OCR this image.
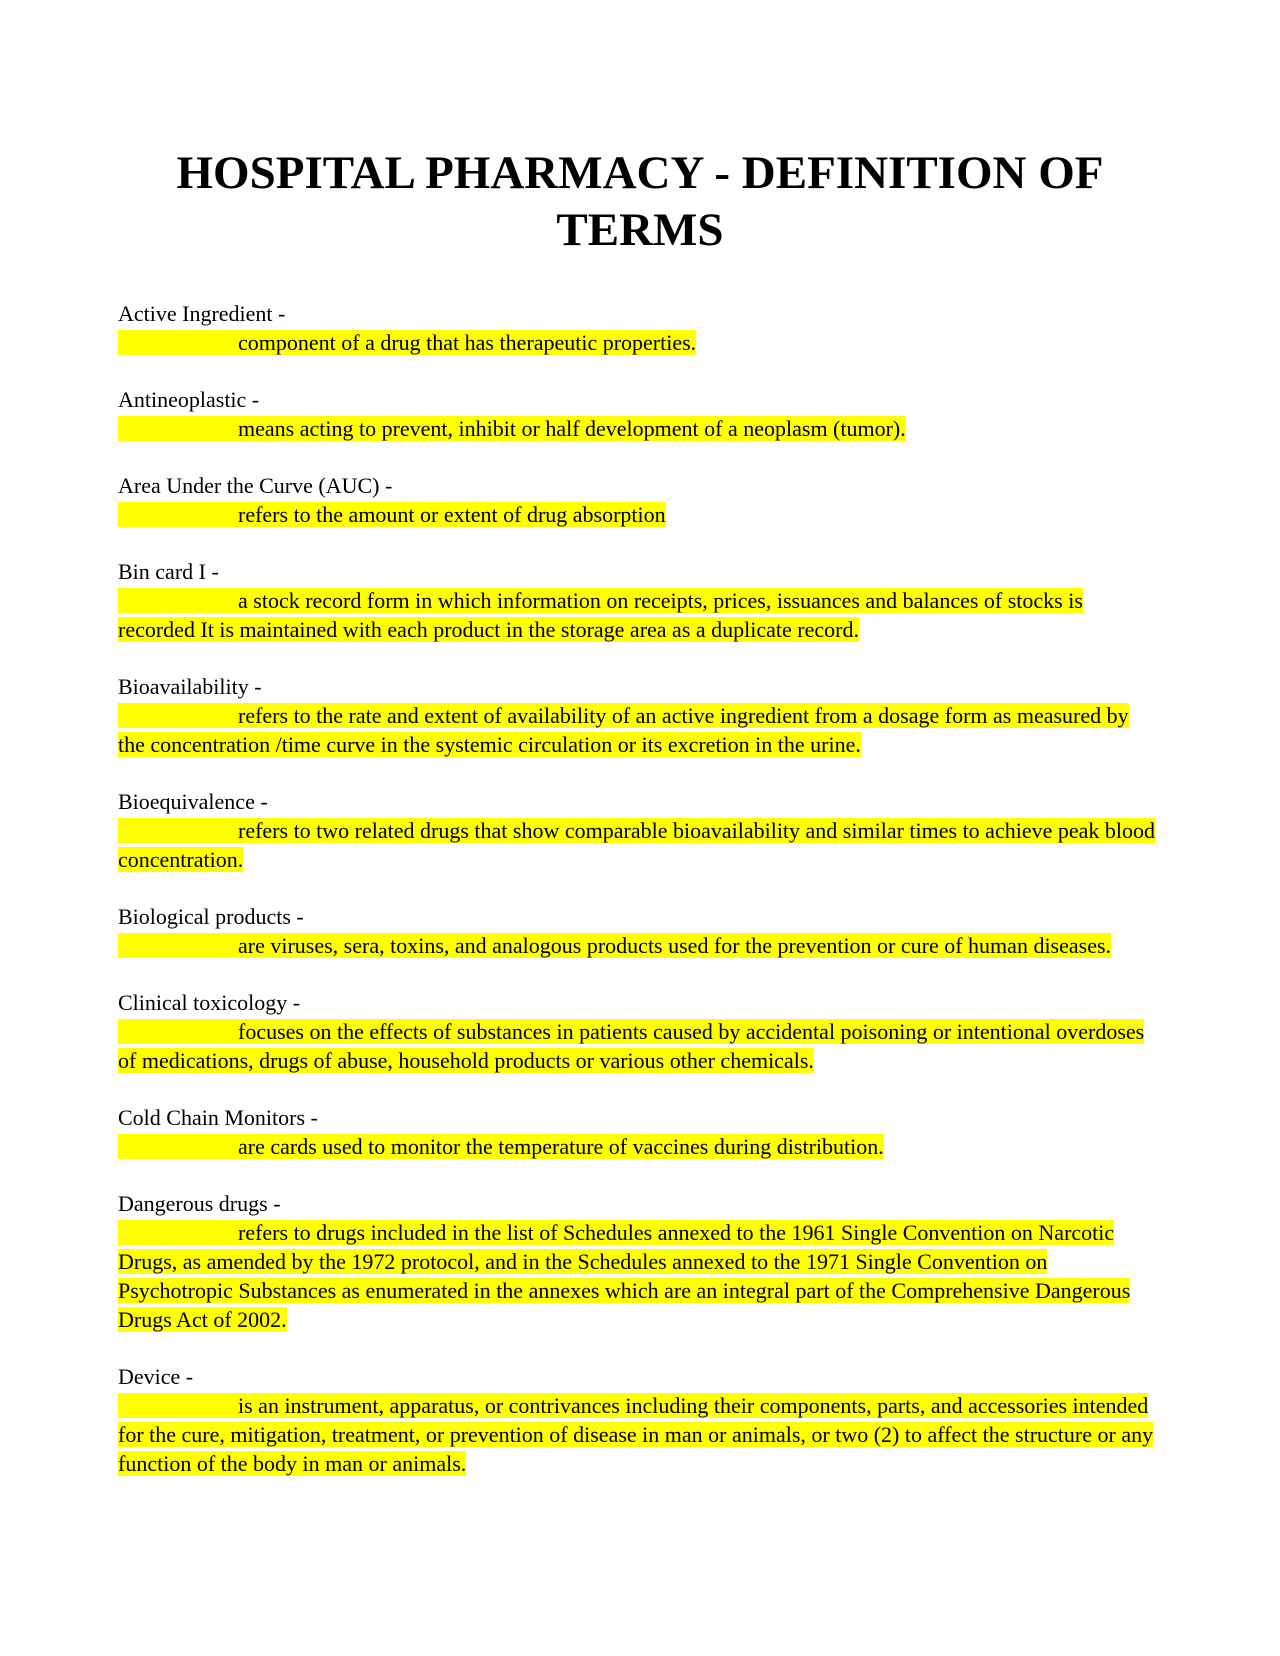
HOSPITAL PHARMACY - DEFINITION OF TERMS
Active Ingredient -
component of a drug that has therapeutic properties.
Antineoplastic -
means acting to prevent, inhibit or half development of a neoplasm (tumor).
Area Under the Curve (AUC) -
refers to the amount or extent of drug absorption
Bin card I -
a stock record form in which information on receipts, prices, issuances and balances of stocks is recorded It is maintained with each product in the storage area as a duplicate record.
Bioavailability -
refers to the rate and extent of availability of an active ingredient from a dosage form as measured by the concentration /time curve in the systemic circulation or its excretion in the urine.
Bioequivalence -
refers to two related drugs that show comparable bioavailability and similar times to achieve peak blood concentration.
Biological products -
are viruses, sera, toxins, and analogous products used for the prevention or cure of human diseases.
Clinical toxicology -
focuses on the effects of substances in patients caused by accidental poisoning or intentional overdoses of medications, drugs of abuse, household products or various other chemicals.
Cold Chain Monitors -
are cards used to monitor the temperature of vaccines during distribution.
Dangerous drugs -
refers to drugs included in the list of Schedules annexed to the 1961 Single Convention on Narcotic Drugs, as amended by the 1972 protocol, and in the Schedules annexed to the 1971 Single Convention on Psychotropic Substances as enumerated in the annexes which are an integral part of the Comprehensive Dangerous Drugs Act of 2002.
Device -
is an instrument, apparatus, or contrivances including their components, parts, and accessories intended for the cure, mitigation, treatment, or prevention of disease in man or animals, or two (2) to affect the structure or any function of the body in man or animals.
